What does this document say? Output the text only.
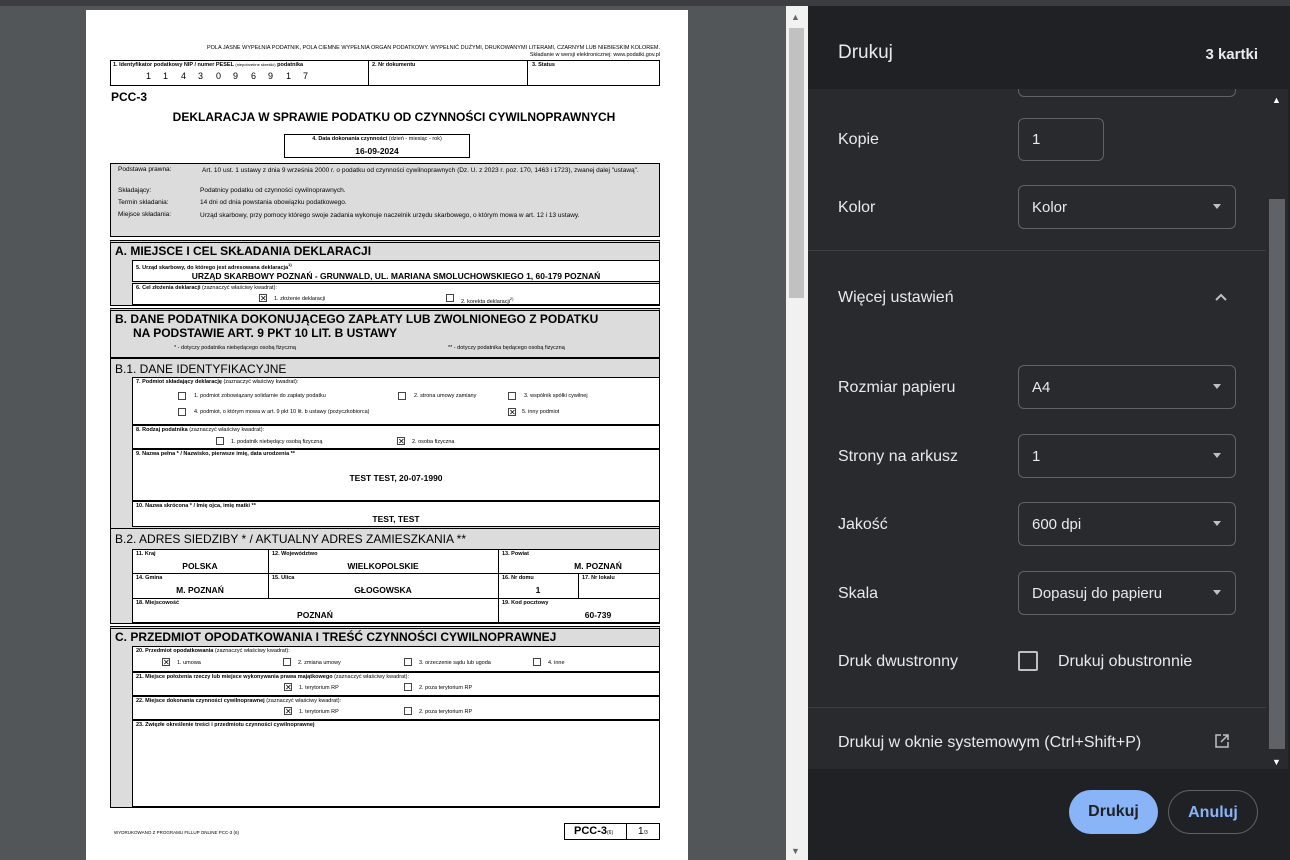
POLA JASNE WYPEŁNIA PODATNIK, POLA CIEMNE WYPEŁNIA ORGAN PODATKOWY. WYPEŁNIĆ DUŻYMI, DRUKOWANYMI LITERAMI, CZARNYM LUB NIEBIESKIM KOLOREM.
Składanie w wersji elektronicznej: www.podatki.gov.pl
1. Identyfikator podatkowy NIP / numer PESEL (niepotrzebne skreślić) podatnika
1 1 4 3 0 9 6 9 1 7
2. Nr dokumentu	3. Status
PCC-3
DEKLARACJA W SPRAWIE PODATKU OD CZYNNOŚCI CYWILNOPRAWNYCH
4. Data dokonania czynności (dzień - miesiąc - rok)
16-09-2024
Podstawa prawna:	Art. 10 ust. 1 ustawy z dnia 9 września 2000 r. o podatku od czynności cywilnoprawnych (Dz. U. z 2023 r. poz. 170, 1463 i 1723), zwanej dalej "ustawą".
Składający:	Podatnicy podatku od czynności cywilnoprawnych.
Termin składania:	14 dni od dnia powstania obowiązku podatkowego.
Miejsce składania:	Urząd skarbowy, przy pomocy którego swoje zadania wykonuje naczelnik urzędu skarbowego, o którym mowa w art. 12 i 13 ustawy.
A. MIEJSCE I CEL SKŁADANIA DEKLARACJI
5. Urząd skarbowy, do którego jest adresowana deklaracja$^{1)}$
URZĄD SKARBOWY POZNAŃ - GRUNWALD, UL. MARIANA SMOLUCHOWSKIEGO 1, 60-179 POZNAŃ
6. Cel złożenia deklaracji (zaznaczyć właściwy kwadrat):
✕ 1. złożenie deklaracji	2. korekta deklaracji$^{2)}$
B. DANE PODATNIKA DOKONUJĄCEGO ZAPŁATY LUB ZWOLNIONEGO Z PODATKU
NA PODSTAWIE ART. 9 PKT 10 LIT. B USTAWY
* - dotyczy podatnika niebędącego osobą fizyczną	** - dotyczy podatnika będącego osobą fizyczną
B.1. DANE IDENTYFIKACYJNE
7. Podmiot składający deklarację (zaznaczyć właściwy kwadrat):
1. podmiot zobowiązany solidarnie do zapłaty podatku	2. strona umowy zamiany	3. wspólnik spółki cywilnej
4. podmiot, o którym mowa w art. 9 pkt 10 lit. b ustawy (pożyczkobiorca)	✕ 5. inny podmiot
8. Rodzaj podatnika (zaznaczyć właściwy kwadrat):
1. podatnik niebędący osobą fizyczną	✕ 2. osoba fizyczna
9. Nazwa pełna * / Nazwisko, pierwsze imię, data urodzenia **
TEST TEST, 20-07-1990
10. Nazwa skrócona * / Imię ojca, imię matki **
TEST, TEST
B.2. ADRES SIEDZIBY * / AKTUALNY ADRES ZAMIESZKANIA **
11. Kraj
POLSKA
12. Województwo
WIELKOPOLSKIE
13. Powiat
M. POZNAŃ
14. Gmina
M. POZNAŃ
15. Ulica
GŁOGOWSKA
16. Nr domu
1
17. Nr lokalu
18. Miejscowość
POZNAŃ
19. Kod pocztowy
60-739
C. PRZEDMIOT OPODATKOWANIA I TREŚĆ CZYNNOŚCI CYWILNOPRAWNEJ
20. Przedmiot opodatkowania (zaznaczyć właściwy kwadrat):
✕ 1. umowa	2. zmiana umowy	3. orzeczenie sądu lub ugoda	4. inne
21. Miejsce położenia rzeczy lub miejsce wykonywania prawa majątkowego (zaznaczyć właściwy kwadrat):
✕ 1. terytorium RP	2. poza terytorium RP
22. Miejsce dokonania czynności cywilnoprawnej (zaznaczyć właściwy kwadrat):
✕ 1. terytorium RP	2. poza terytorium RP
23. Zwięzłe określenie treści i przedmiotu czynności cywilnoprawnej
WYDRUKOWANO Z PROGRAMU FILLUP ONLINE PCC-3 (6)	PCC-3(6) 1/3
▲
▼
Drukuj	3 kartki
Kopie	1
Kolor	Kolor
Więcej ustawień
Rozmiar papieru	A4
Strony na arkusz	1
Jakość	600 dpi
Skala	Dopasuj do papieru
Druk dwustronny	Drukuj obustronnie
Drukuj w oknie systemowym (Ctrl+Shift+P)
▲
▼
Drukuj	Anuluj
